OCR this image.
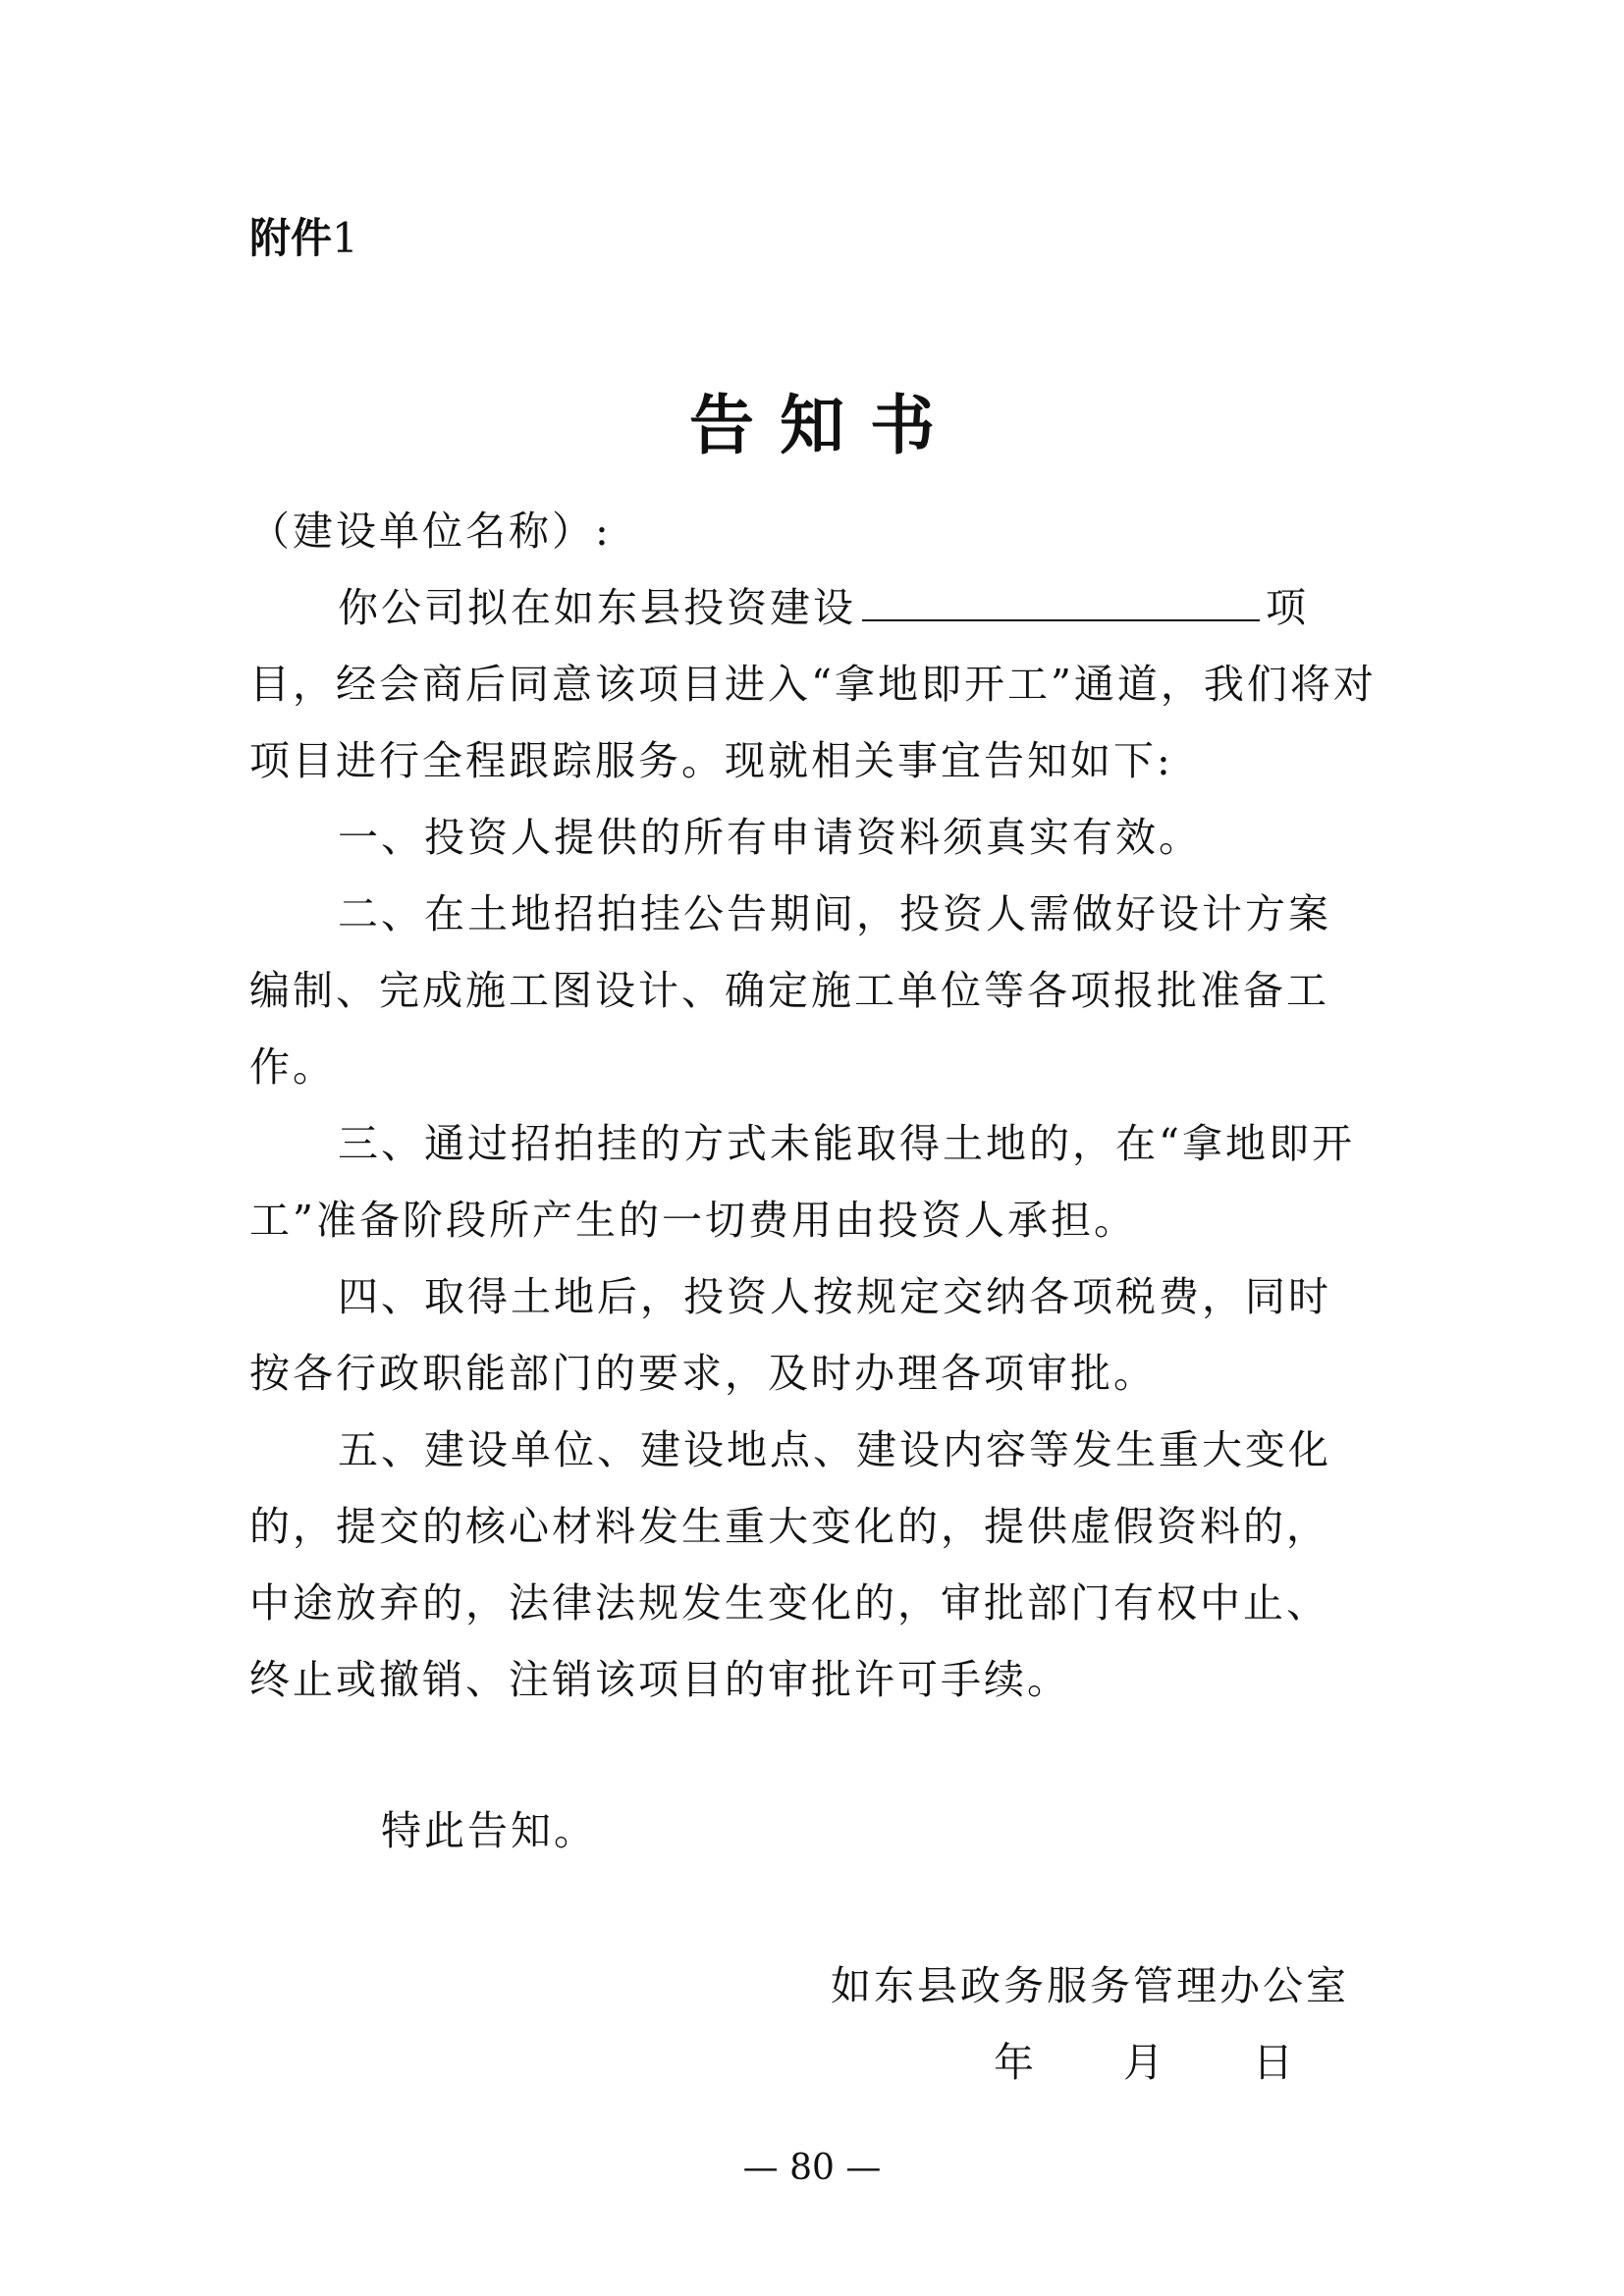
附件1
告知书
（建设单位名称）:
你公司拟在如东县投资建设	项
目，经会商后同意该项目进入“拿地即开工”通道，我们将对
项目进行全程跟踪服务。现就相关事宜告知如下:
一、投资人提供的所有申请资料须真实有效。
二、在土地招拍挂公告期间，投资人需做好设计方案
编制、完成施工图设计、确定施工单位等各项报批准备工
作。
三、通过招拍挂的方式未能取得土地的，在“拿地即开
工”准备阶段所产生的一切费用由投资人承担。
四、取得土地后，投资人按规定交纳各项税费，同时
按各行政职能部门的要求，及时办理各项审批。
五、建设单位、建设地点、建设内容等发生重大变化
的，提交的核心材料发生重大变化的，提供虚假资料的，
中途放弃的，法律法规发生变化的，审批部门有权中止、
终止或撤销、注销该项目的审批许可手续。
特此告知。
如东县政务服务管理办公室
年　　月　　日
— 80 —
